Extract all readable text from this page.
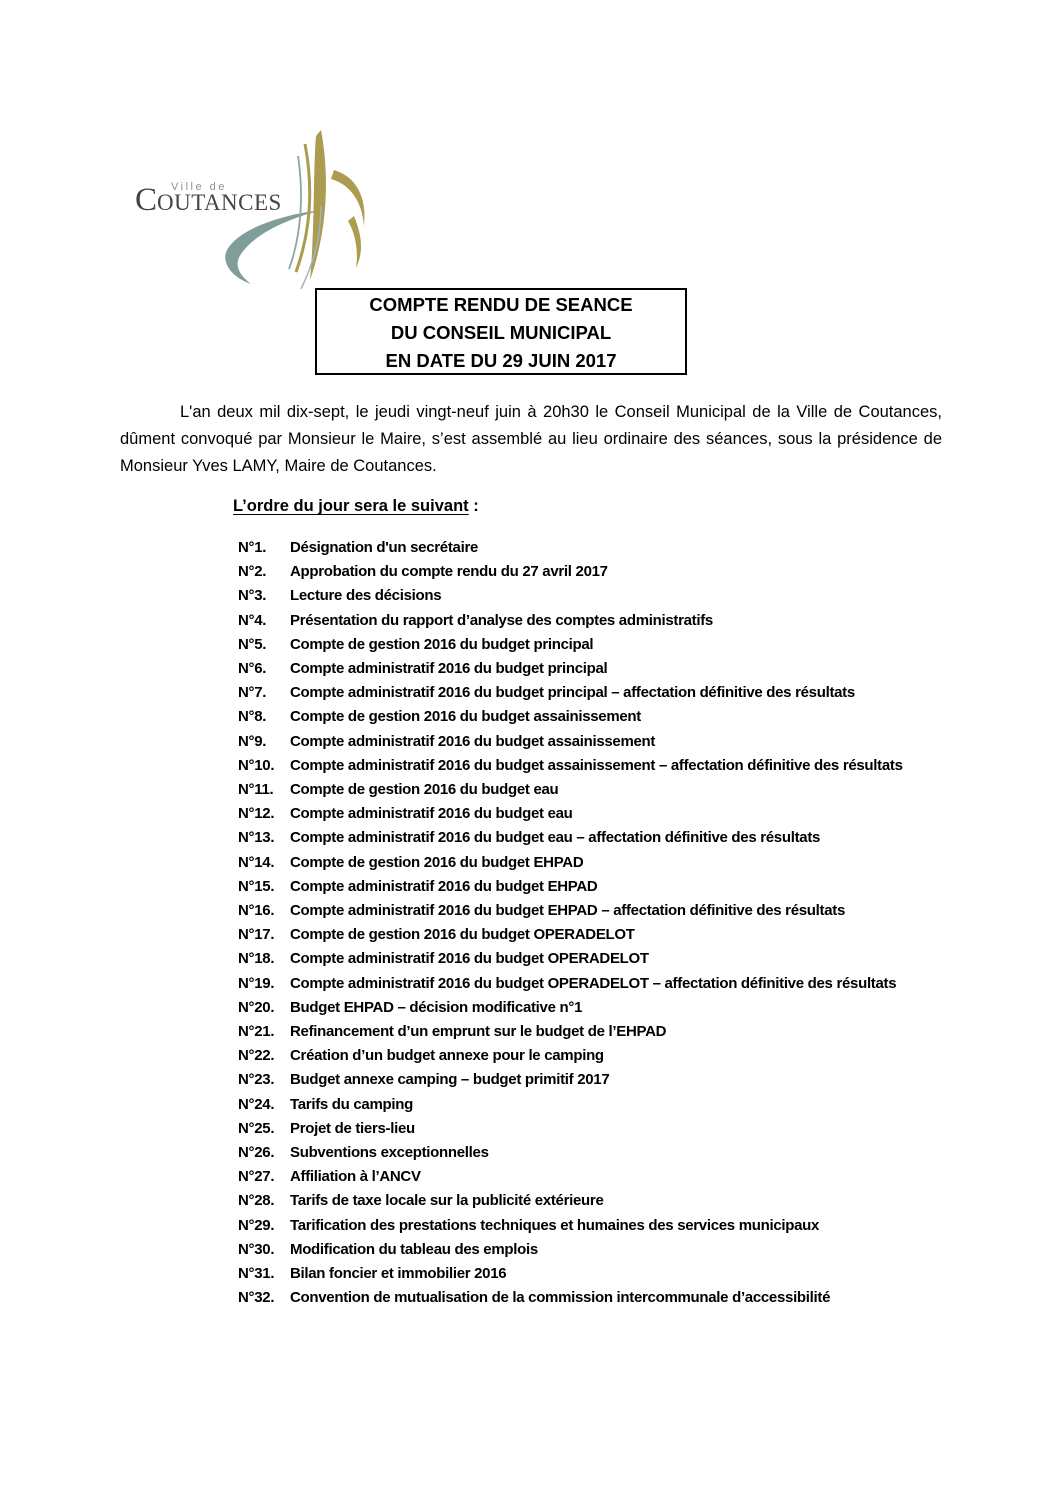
Ville de
C OUTANCES
COMPTE RENDU DE SEANCE
DU CONSEIL MUNICIPAL
EN DATE DU 29 JUIN 2017

L'an deux mil dix-sept, le jeudi vingt-neuf juin à 20h30 le Conseil Municipal de la Ville de Coutances, dûment convoqué par Monsieur le Maire, s’est assemblé au lieu ordinaire des séances, sous la présidence de Monsieur Yves LAMY, Maire de Coutances.

L’ordre du jour sera le suivant :
N°1.	Désignation d'un secrétaire
N°2.	Approbation du compte rendu du 27 avril 2017
N°3.	Lecture des décisions
N°4.	Présentation du rapport d’analyse des comptes administratifs
N°5.	Compte de gestion 2016 du budget principal
N°6.	Compte administratif 2016 du budget principal
N°7.	Compte administratif 2016 du budget principal – affectation définitive des résultats
N°8.	Compte de gestion 2016 du budget assainissement
N°9.	Compte administratif 2016 du budget assainissement
N°10.	Compte administratif 2016 du budget assainissement – affectation définitive des résultats
N°11.	Compte de gestion 2016 du budget eau
N°12.	Compte administratif 2016 du budget eau
N°13.	Compte administratif 2016 du budget eau – affectation définitive des résultats
N°14.	Compte de gestion 2016 du budget EHPAD
N°15.	Compte administratif 2016 du budget EHPAD
N°16.	Compte administratif 2016 du budget EHPAD – affectation définitive des résultats
N°17.	Compte de gestion 2016 du budget OPERADELOT
N°18.	Compte administratif 2016 du budget OPERADELOT
N°19.	Compte administratif 2016 du budget OPERADELOT – affectation définitive des résultats
N°20.	Budget EHPAD – décision modificative n°1
N°21.	Refinancement d’un emprunt sur le budget de l’EHPAD
N°22.	Création d’un budget annexe pour le camping
N°23.	Budget annexe camping – budget primitif 2017
N°24.	Tarifs du camping
N°25.	Projet de tiers-lieu
N°26.	Subventions exceptionnelles
N°27.	Affiliation à l’ANCV
N°28.	Tarifs de taxe locale sur la publicité extérieure
N°29.	Tarification des prestations techniques et humaines des services municipaux
N°30.	Modification du tableau des emplois
N°31.	Bilan foncier et immobilier 2016
N°32.	Convention de mutualisation de la commission intercommunale d’accessibilité
